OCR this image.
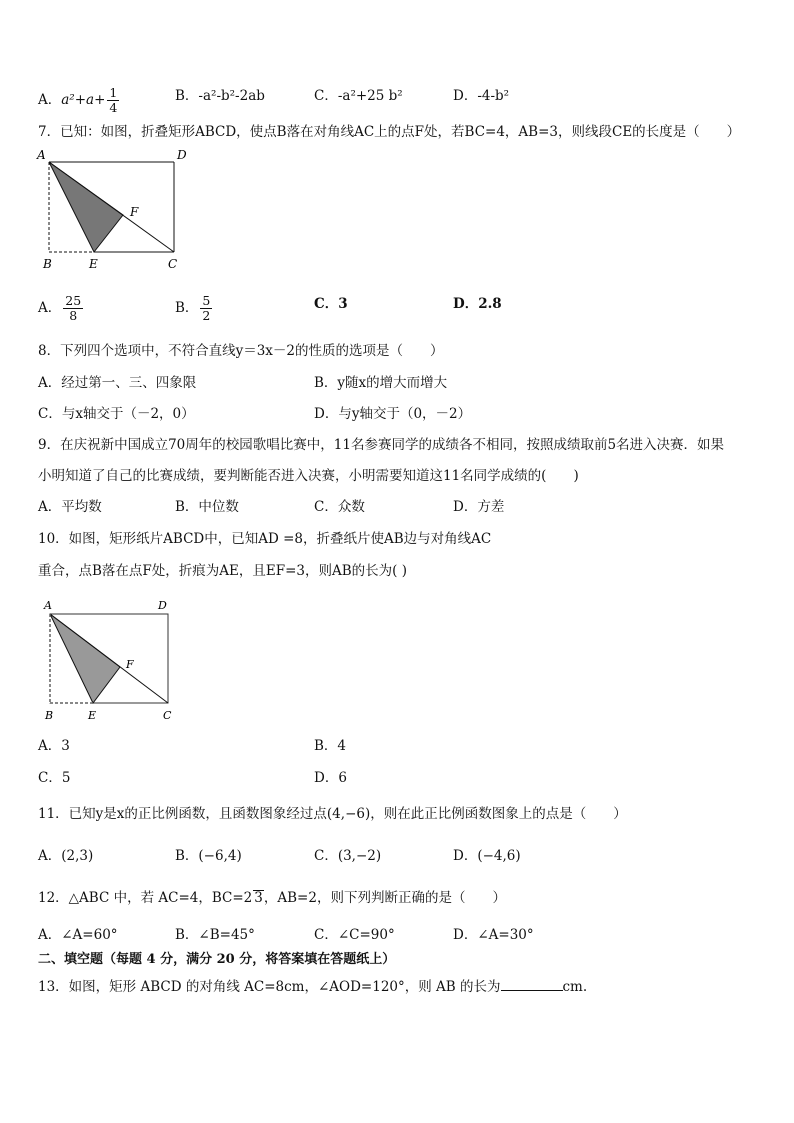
A．$a^2+a+ \frac{1}{4}$	B．-a²-b²-2ab	C．-a²+25 b²	D．-4-b²
7．已知：如图，折叠矩形ABCD，使点B落在对角线AC上的点F处，若BC=4，AB=3，则线段CE的长度是（　　）
A	D
F
B	E	C
A． $\frac{25}{8}$	B． $\frac{5}{2}$	C．3	D．2.8
8．下列四个选项中，不符合直线y＝3x－2的性质的选项是（　　）
A．经过第一、三、四象限	B．y随x的增大而增大
C．与x轴交于（－2，0）	D．与y轴交于（0，－2）
9．在庆祝新中国成立70周年的校园歌唱比赛中，11名参赛同学的成绩各不相同，按照成绩取前5名进入决赛．如果
小明知道了自己的比赛成绩，要判断能否进入决赛，小明需要知道这11名同学成绩的(　　)
A．平均数	B．中位数	C．众数	D．方差
10．如图，矩形纸片ABCD中，已知AD =8，折叠纸片使AB边与对角线AC
重合，点B落在点F处，折痕为AE，且EF=3，则AB的长为( )
A	D
F
B	E	C
A．3	B．4
C．5	D．6
11．已知y是x的正比例函数，且函数图象经过点(4,−6)，则在此正比例函数图象上的点是（　　）
A．(2,3)	B．(−6,4)	C．(3,−2)	D．(−4,6)
12．△ABC 中，若 AC=4，BC=2 3，AB=2，则下列判断正确的是（　　）
A．∠A=60°	B．∠B=45°	C．∠C=90°	D．∠A=30°
二、填空题（每题 4 分，满分 20 分，将答案填在答题纸上）
13．如图，矩形 ABCD 的对角线 AC=8cm，∠AOD=120°，则 AB 的长为	cm.
